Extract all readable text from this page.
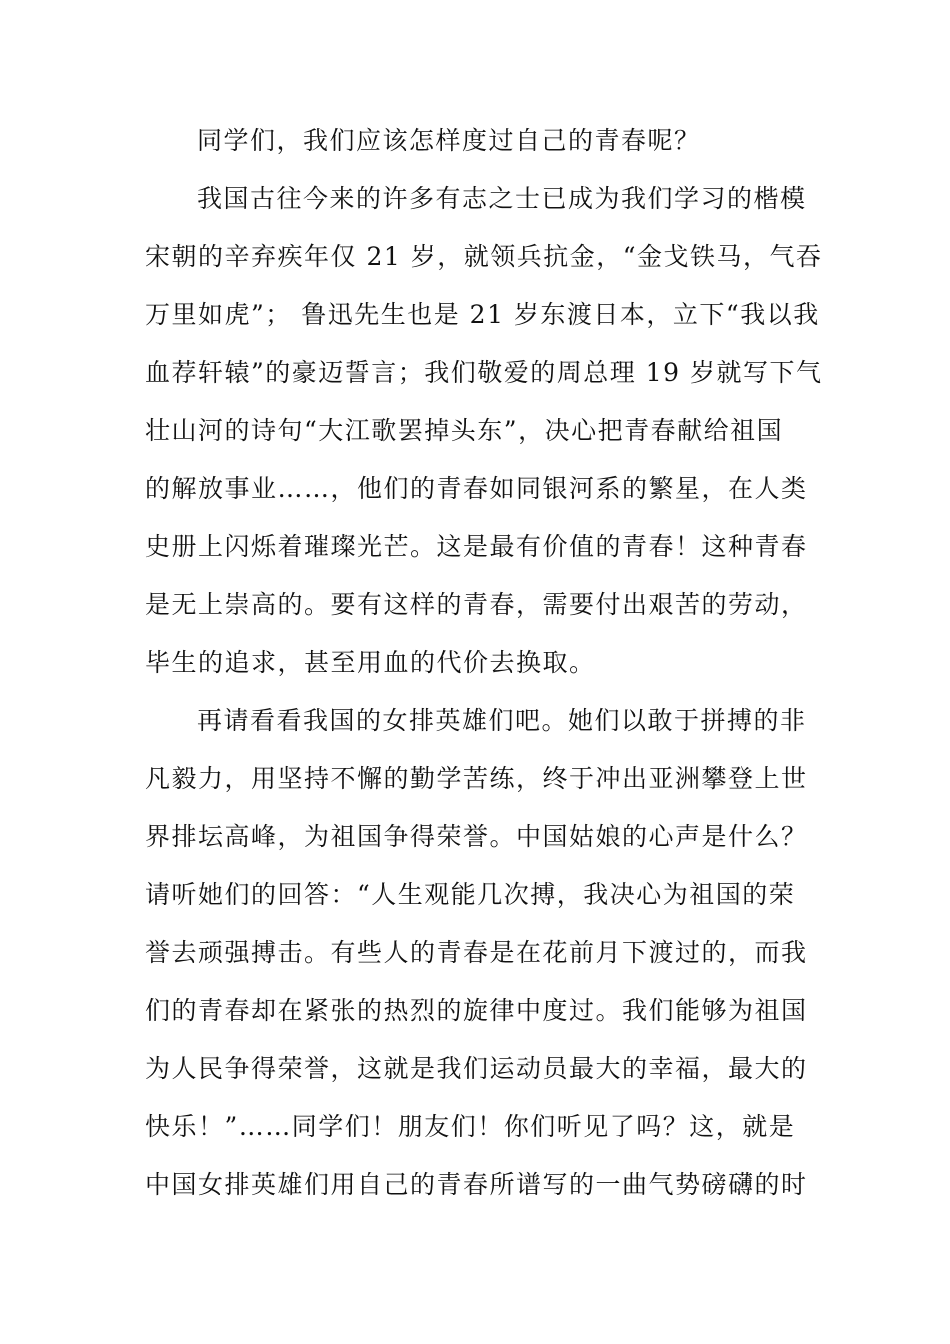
同学们，我们应该怎样度过自己的青春呢？
我国古往今来的许多有志之士已成为我们学习的楷模
宋朝的辛弃疾年仅 21 岁，就领兵抗金，“金戈铁马，气吞
万里如虎”； 鲁迅先生也是 21 岁东渡日本，立下“我以我
血荐轩辕”的豪迈誓言；我们敬爱的周总理 19 岁就写下气
壮山河的诗句“大江歌罢掉头东”，决心把青春献给祖国
的解放事业……，他们的青春如同银河系的繁星，在人类
史册上闪烁着璀璨光芒。这是最有价值的青春！这种青春
是无上崇高的。要有这样的青春，需要付出艰苦的劳动，
毕生的追求，甚至用血的代价去换取。
再请看看我国的女排英雄们吧。她们以敢于拼搏的非
凡毅力，用坚持不懈的勤学苦练，终于冲出亚洲攀登上世
界排坛高峰，为祖国争得荣誉。中国姑娘的心声是什么？
请听她们的回答：“人生观能几次搏，我决心为祖国的荣
誉去顽强搏击。有些人的青春是在花前月下渡过的，而我
们的青春却在紧张的热烈的旋律中度过。我们能够为祖国
为人民争得荣誉，这就是我们运动员最大的幸福，最大的
快乐！”……同学们！朋友们！你们听见了吗？这，就是
中国女排英雄们用自己的青春所谱写的一曲气势磅礴的时
